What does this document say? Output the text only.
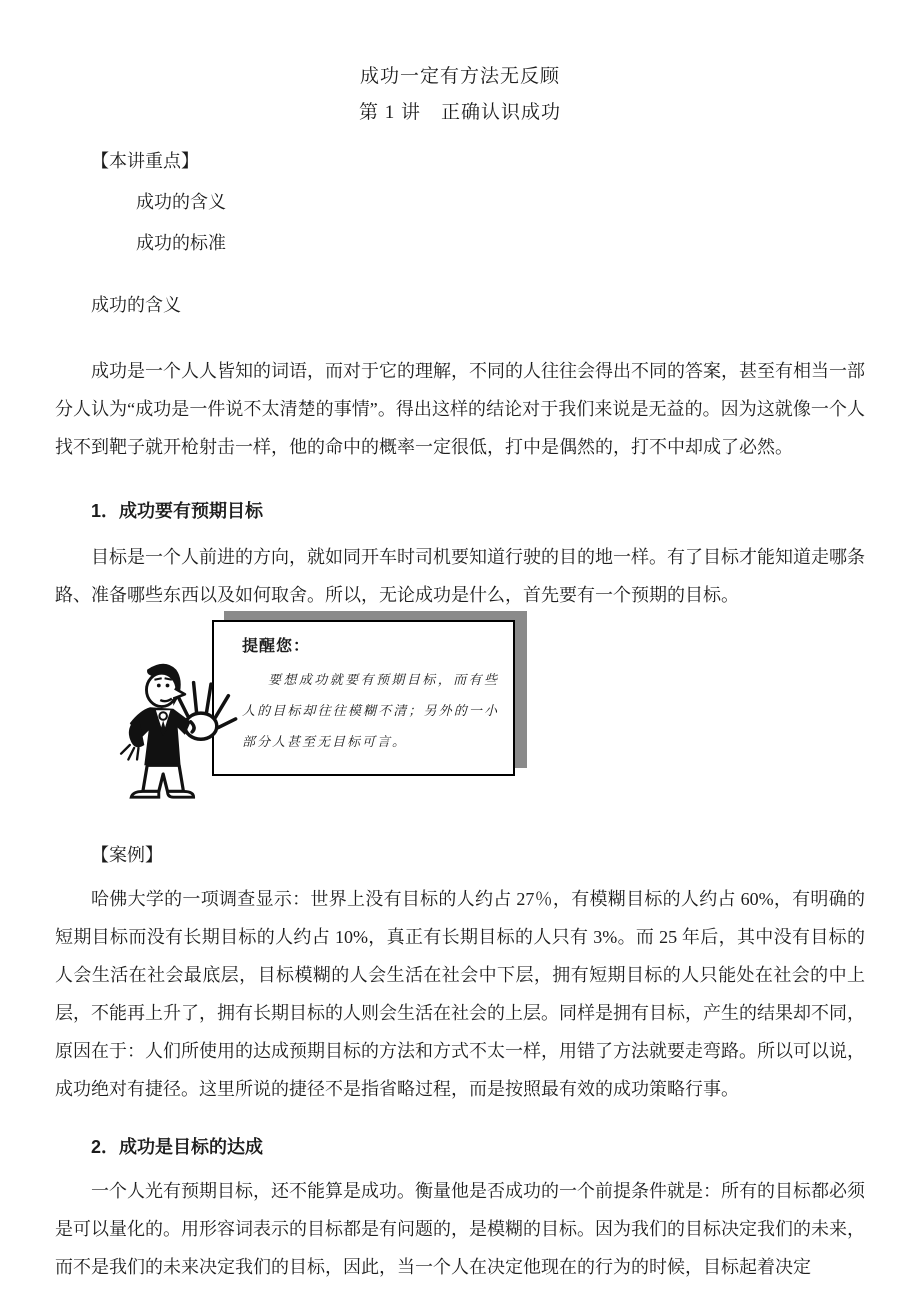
成功一定有方法无反顾
第 1 讲　正确认识成功
【本讲重点】
成功的含义
成功的标准
成功的含义
成功是一个人人皆知的词语，而对于它的理解，不同的人往往会得出不同的答案，甚至有相当一部分人认为“成功是一件说不太清楚的事情”。得出这样的结论对于我们来说是无益的。因为这就像一个人找不到靶子就开枪射击一样，他的命中的概率一定很低，打中是偶然的，打不中却成了必然。
1．成功要有预期目标
目标是一个人前进的方向，就如同开车时司机要知道行驶的目的地一样。有了目标才能知道走哪条路、准备哪些东西以及如何取舍。所以，无论成功是什么，首先要有一个预期的目标。
提醒您：
要想成功就要有预期目标，而有些人的目标却往往模糊不清；另外的一小部分人甚至无目标可言。
【案例】
哈佛大学的一项调查显示：世界上没有目标的人约占 27％，有模糊目标的人约占 60%，有明确的短期目标而没有长期目标的人约占 10%，真正有长期目标的人只有 3%。而 25 年后，其中没有目标的人会生活在社会最底层，目标模糊的人会生活在社会中下层，拥有短期目标的人只能处在社会的中上层，不能再上升了，拥有长期目标的人则会生活在社会的上层。同样是拥有目标，产生的结果却不同，原因在于：人们所使用的达成预期目标的方法和方式不太一样，用错了方法就要走弯路。所以可以说，成功绝对有捷径。这里所说的捷径不是指省略过程，而是按照最有效的成功策略行事。
2．成功是目标的达成
一个人光有预期目标，还不能算是成功。衡量他是否成功的一个前提条件就是：所有的目标都必须是可以量化的。用形容词表示的目标都是有问题的，是模糊的目标。因为我们的目标决定我们的未来，而不是我们的未来决定我们的目标，因此，当一个人在决定他现在的行为的时候，目标起着决定
